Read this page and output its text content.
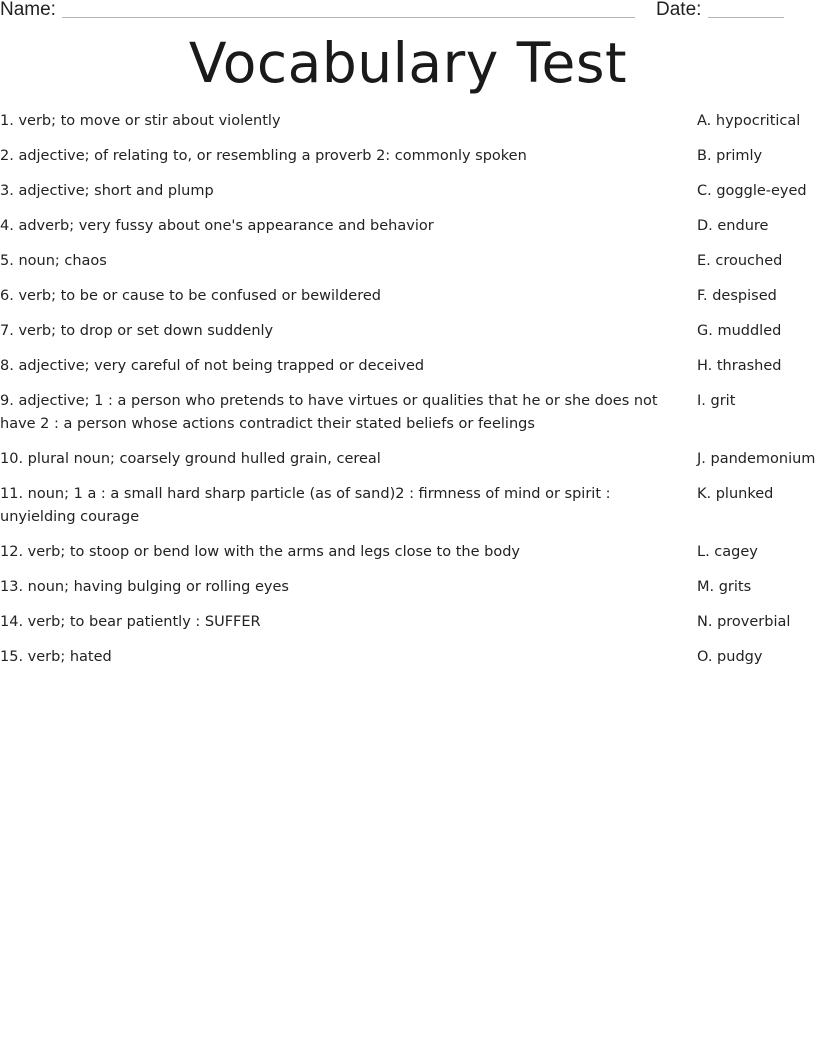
Name:	Date:
Vocabulary Test
1. verb; to move or stir about violently
2. adjective; of relating to, or resembling a proverb 2: commonly spoken
3. adjective; short and plump
4. adverb; very fussy about one's appearance and behavior
5. noun; chaos
6. verb; to be or cause to be confused or bewildered
7. verb; to drop or set down suddenly
8. adjective; very careful of not being trapped or deceived
9. adjective; 1 : a person who pretends to have virtues or qualities that he or she does not have 2 : a person whose actions contradict their stated beliefs or feelings
10. plural noun; coarsely ground hulled grain, cereal
11. noun; 1 a : a small hard sharp particle (as of sand)2 : firmness of mind or spirit : unyielding courage
12. verb; to stoop or bend low with the arms and legs close to the body
13. noun; having bulging or rolling eyes
14. verb; to bear patiently : SUFFER
15. verb; hated
A. hypocritical
B. primly
C. goggle-eyed
D. endure
E. crouched
F. despised
G. muddled
H. thrashed
I. grit
J. pandemonium
K. plunked
L. cagey
M. grits
N. proverbial
O. pudgy
